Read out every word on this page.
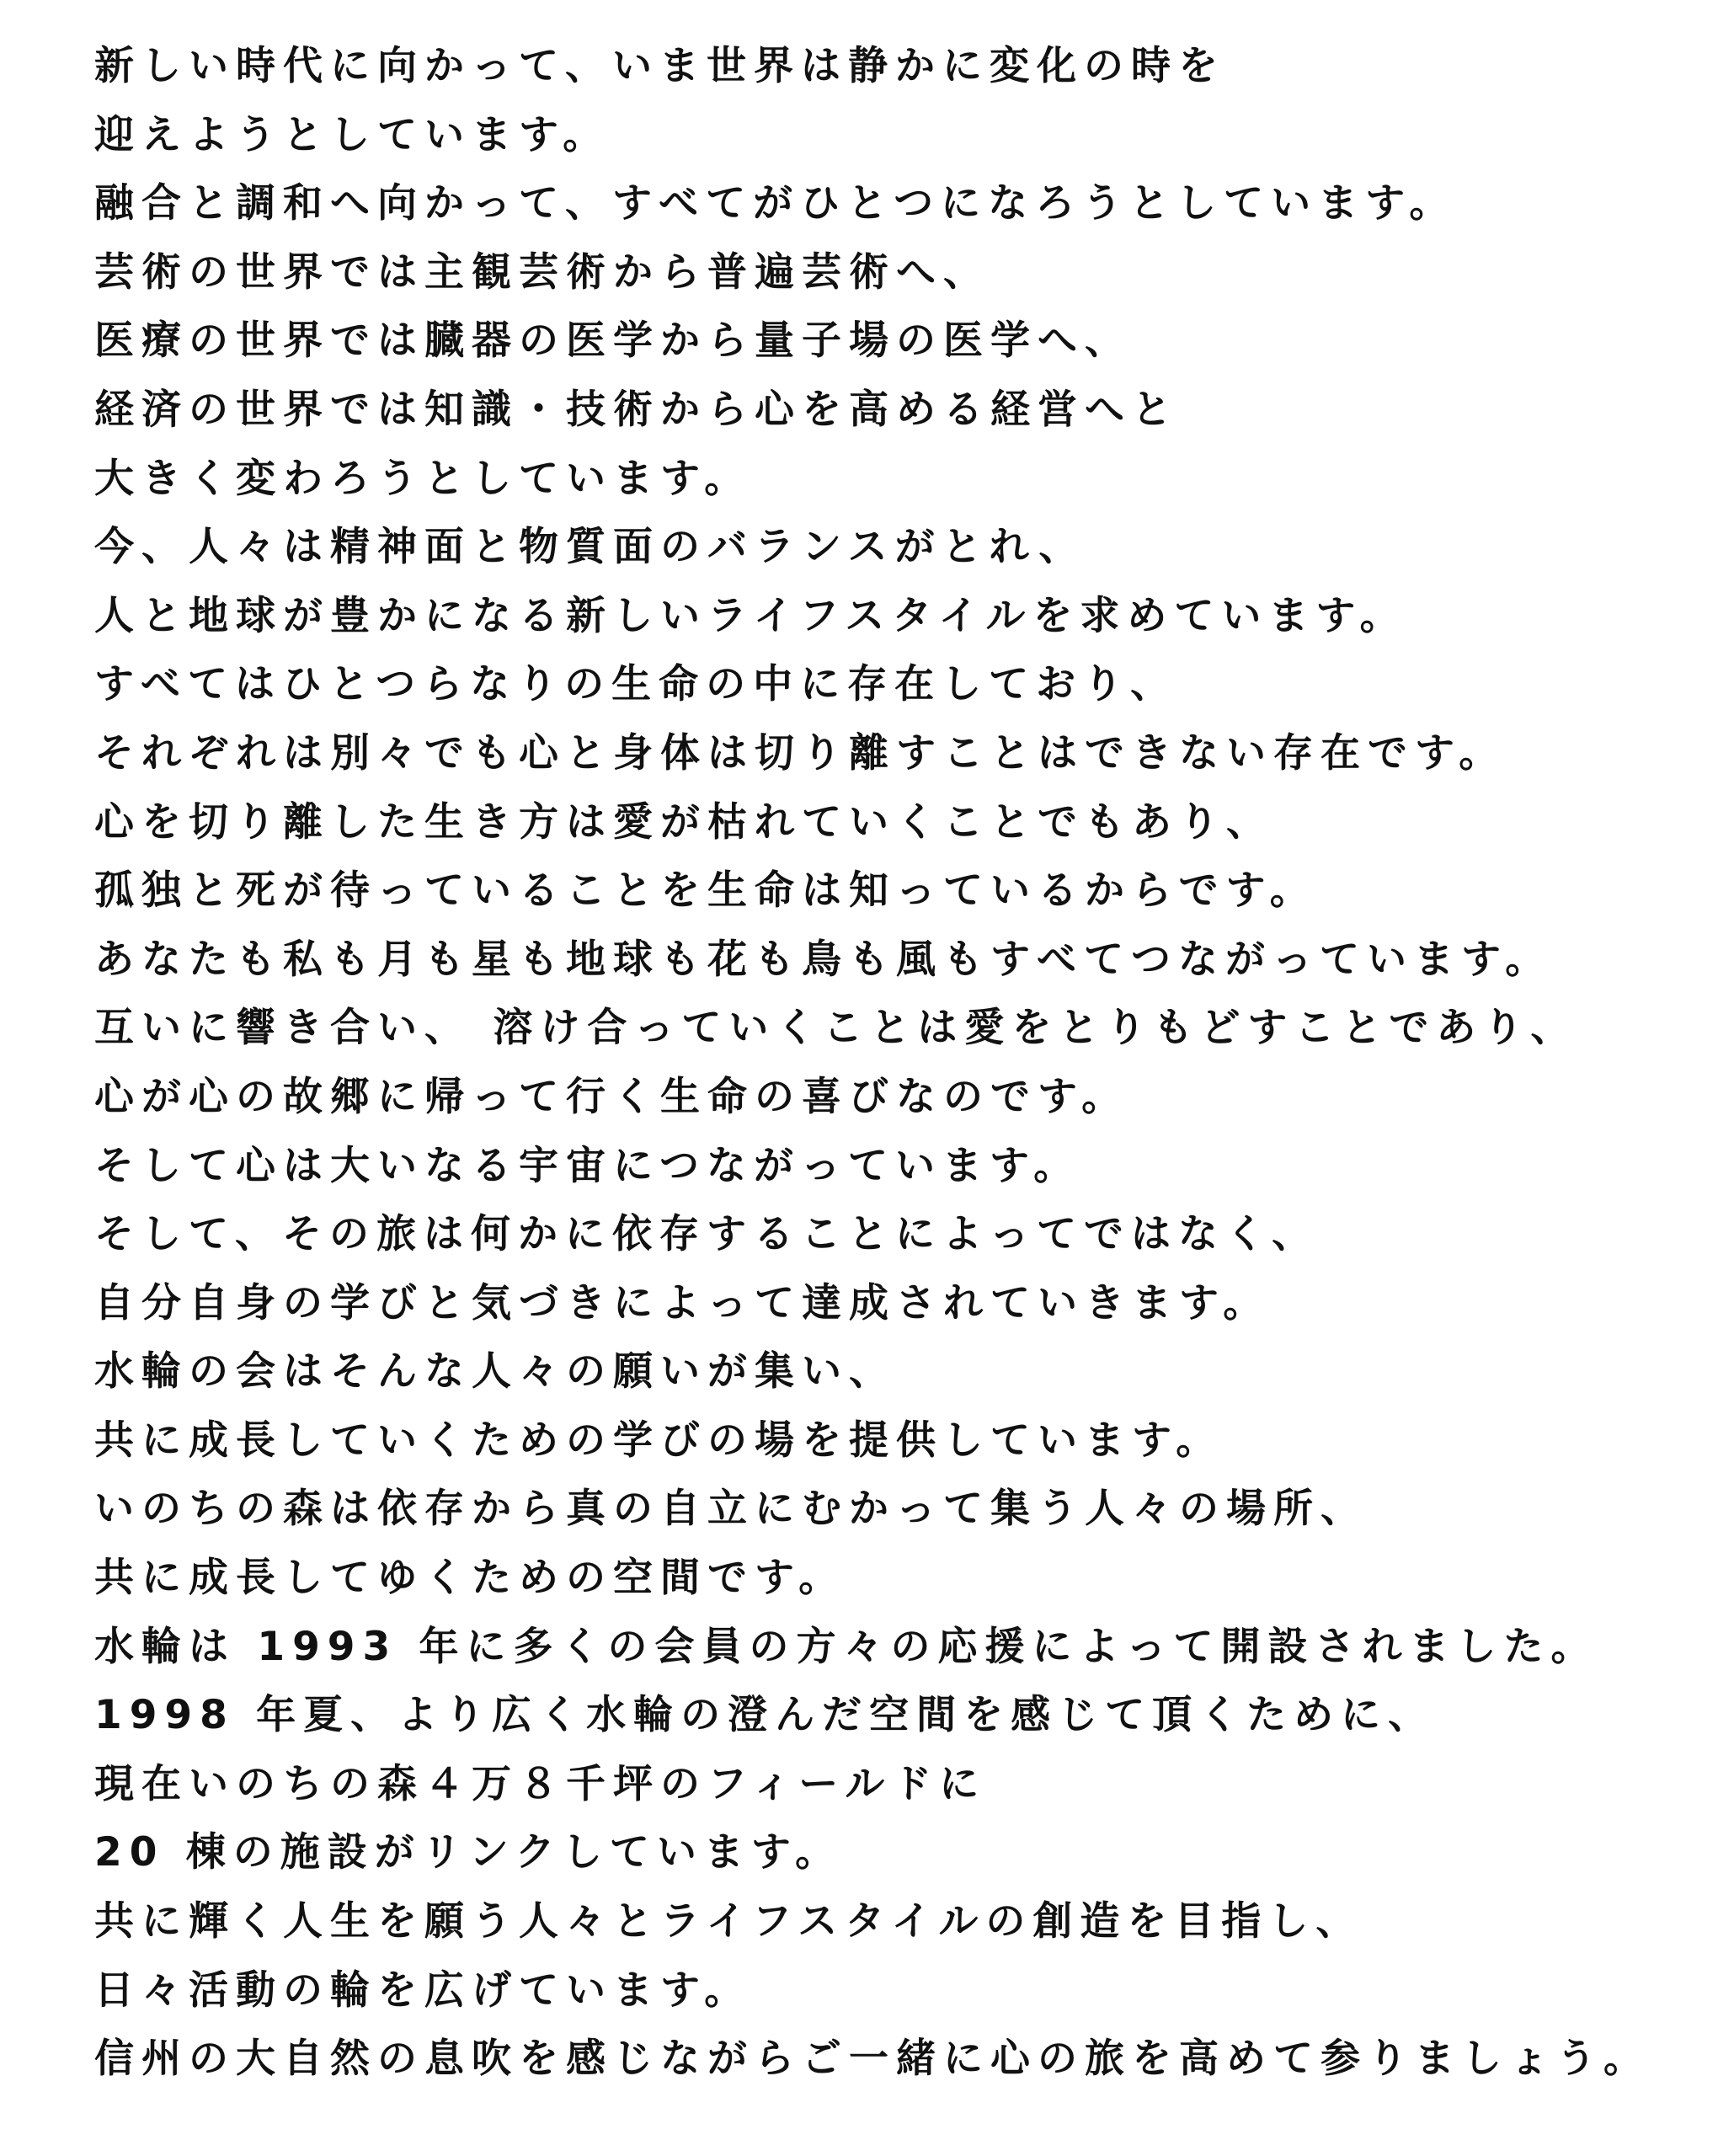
新しい時代に向かって、いま世界は静かに変化の時を
迎えようとしています。
融合と調和へ向かって、すべてがひとつになろうとしています。
芸術の世界では主観芸術から普遍芸術へ、
医療の世界では臓器の医学から量子場の医学へ、
経済の世界では知識・技術から心を高める経営へと
大きく変わろうとしています。
今、人々は精神面と物質面のバランスがとれ、
人と地球が豊かになる新しいライフスタイルを求めています。
すべてはひとつらなりの生命の中に存在しており、
それぞれは別々でも心と身体は切り離すことはできない存在です。
心を切り離した生き方は愛が枯れていくことでもあり、
孤独と死が待っていることを生命は知っているからです。
あなたも私も月も星も地球も花も鳥も風もすべてつながっています。
互いに響き合い、 溶け合っていくことは愛をとりもどすことであり、
心が心の故郷に帰って行く生命の喜びなのです。
そして心は大いなる宇宙につながっています。
そして、その旅は何かに依存することによってではなく、
自分自身の学びと気づきによって達成されていきます。
水輪の会はそんな人々の願いが集い、
共に成長していくための学びの場を提供しています。
いのちの森は依存から真の自立にむかって集う人々の場所、
共に成長してゆくための空間です。
水輪は 1993 年に多くの会員の方々の応援によって開設されました。
1998 年夏、より広く水輪の澄んだ空間を感じて頂くために、
現在いのちの森４万８千坪のフィールドに
20 棟の施設がリンクしています。
共に輝く人生を願う人々とライフスタイルの創造を目指し、
日々活動の輪を広げています。
信州の大自然の息吹を感じながらご一緒に心の旅を高めて参りましょう。
